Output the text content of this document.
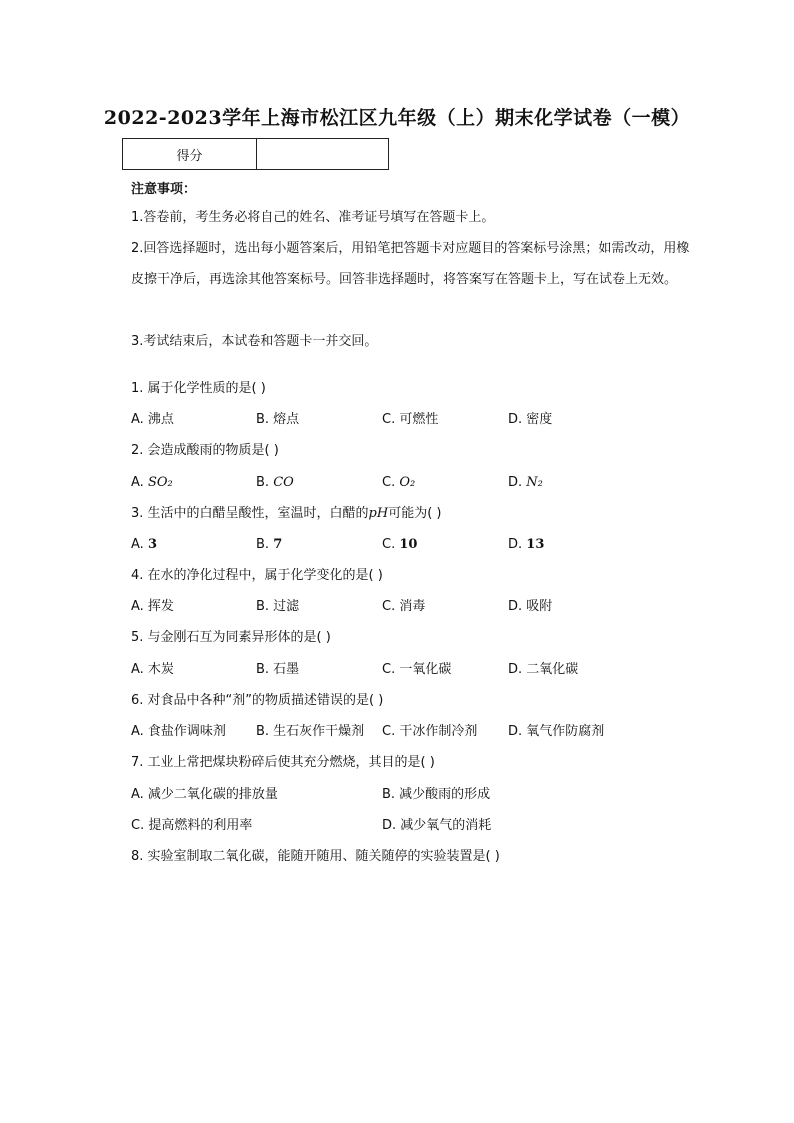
2022-2023学年上海市松江区九年级（上）期末化学试卷（一模）
得分	
注意事项：
1.答卷前，考生务必将自己的姓名、准考证号填写在答题卡上。
2.回答选择题时，选出每小题答案后，用铅笔把答题卡对应题目的答案标号涂黑；如需改动，用橡皮擦干净后，再选涂其他答案标号。回答非选择题时，将答案写在答题卡上，写在试卷上无效。
3.考试结束后，本试卷和答题卡一并交回。
1. 属于化学性质的是( )
A. 沸点	B. 熔点	C. 可燃性	D. 密度
2. 会造成酸雨的物质是( )
A. SO₂	B. CO	C. O₂	D. N₂
3. 生活中的白醋呈酸性，室温时，白醋的pH可能为( )
A. 3	B. 7	C. 10	D. 13
4. 在水的净化过程中，属于化学变化的是( )
A. 挥发	B. 过滤	C. 消毒	D. 吸附
5. 与金刚石互为同素异形体的是( )
A. 木炭	B. 石墨	C. 一氧化碳	D. 二氧化碳
6. 对食品中各种“剂”的物质描述错误的是( )
A. 食盐作调味剂 B. 生石灰作干燥剂 C. 干冰作制冷剂 D. 氧气作防腐剂
7. 工业上常把煤块粉碎后使其充分燃烧，其目的是( )
A. 减少二氧化碳的排放量	B. 减少酸雨的形成
C. 提高燃料的利用率	D. 减少氧气的消耗
8. 实验室制取二氧化碳，能随开随用、随关随停的实验装置是( )
